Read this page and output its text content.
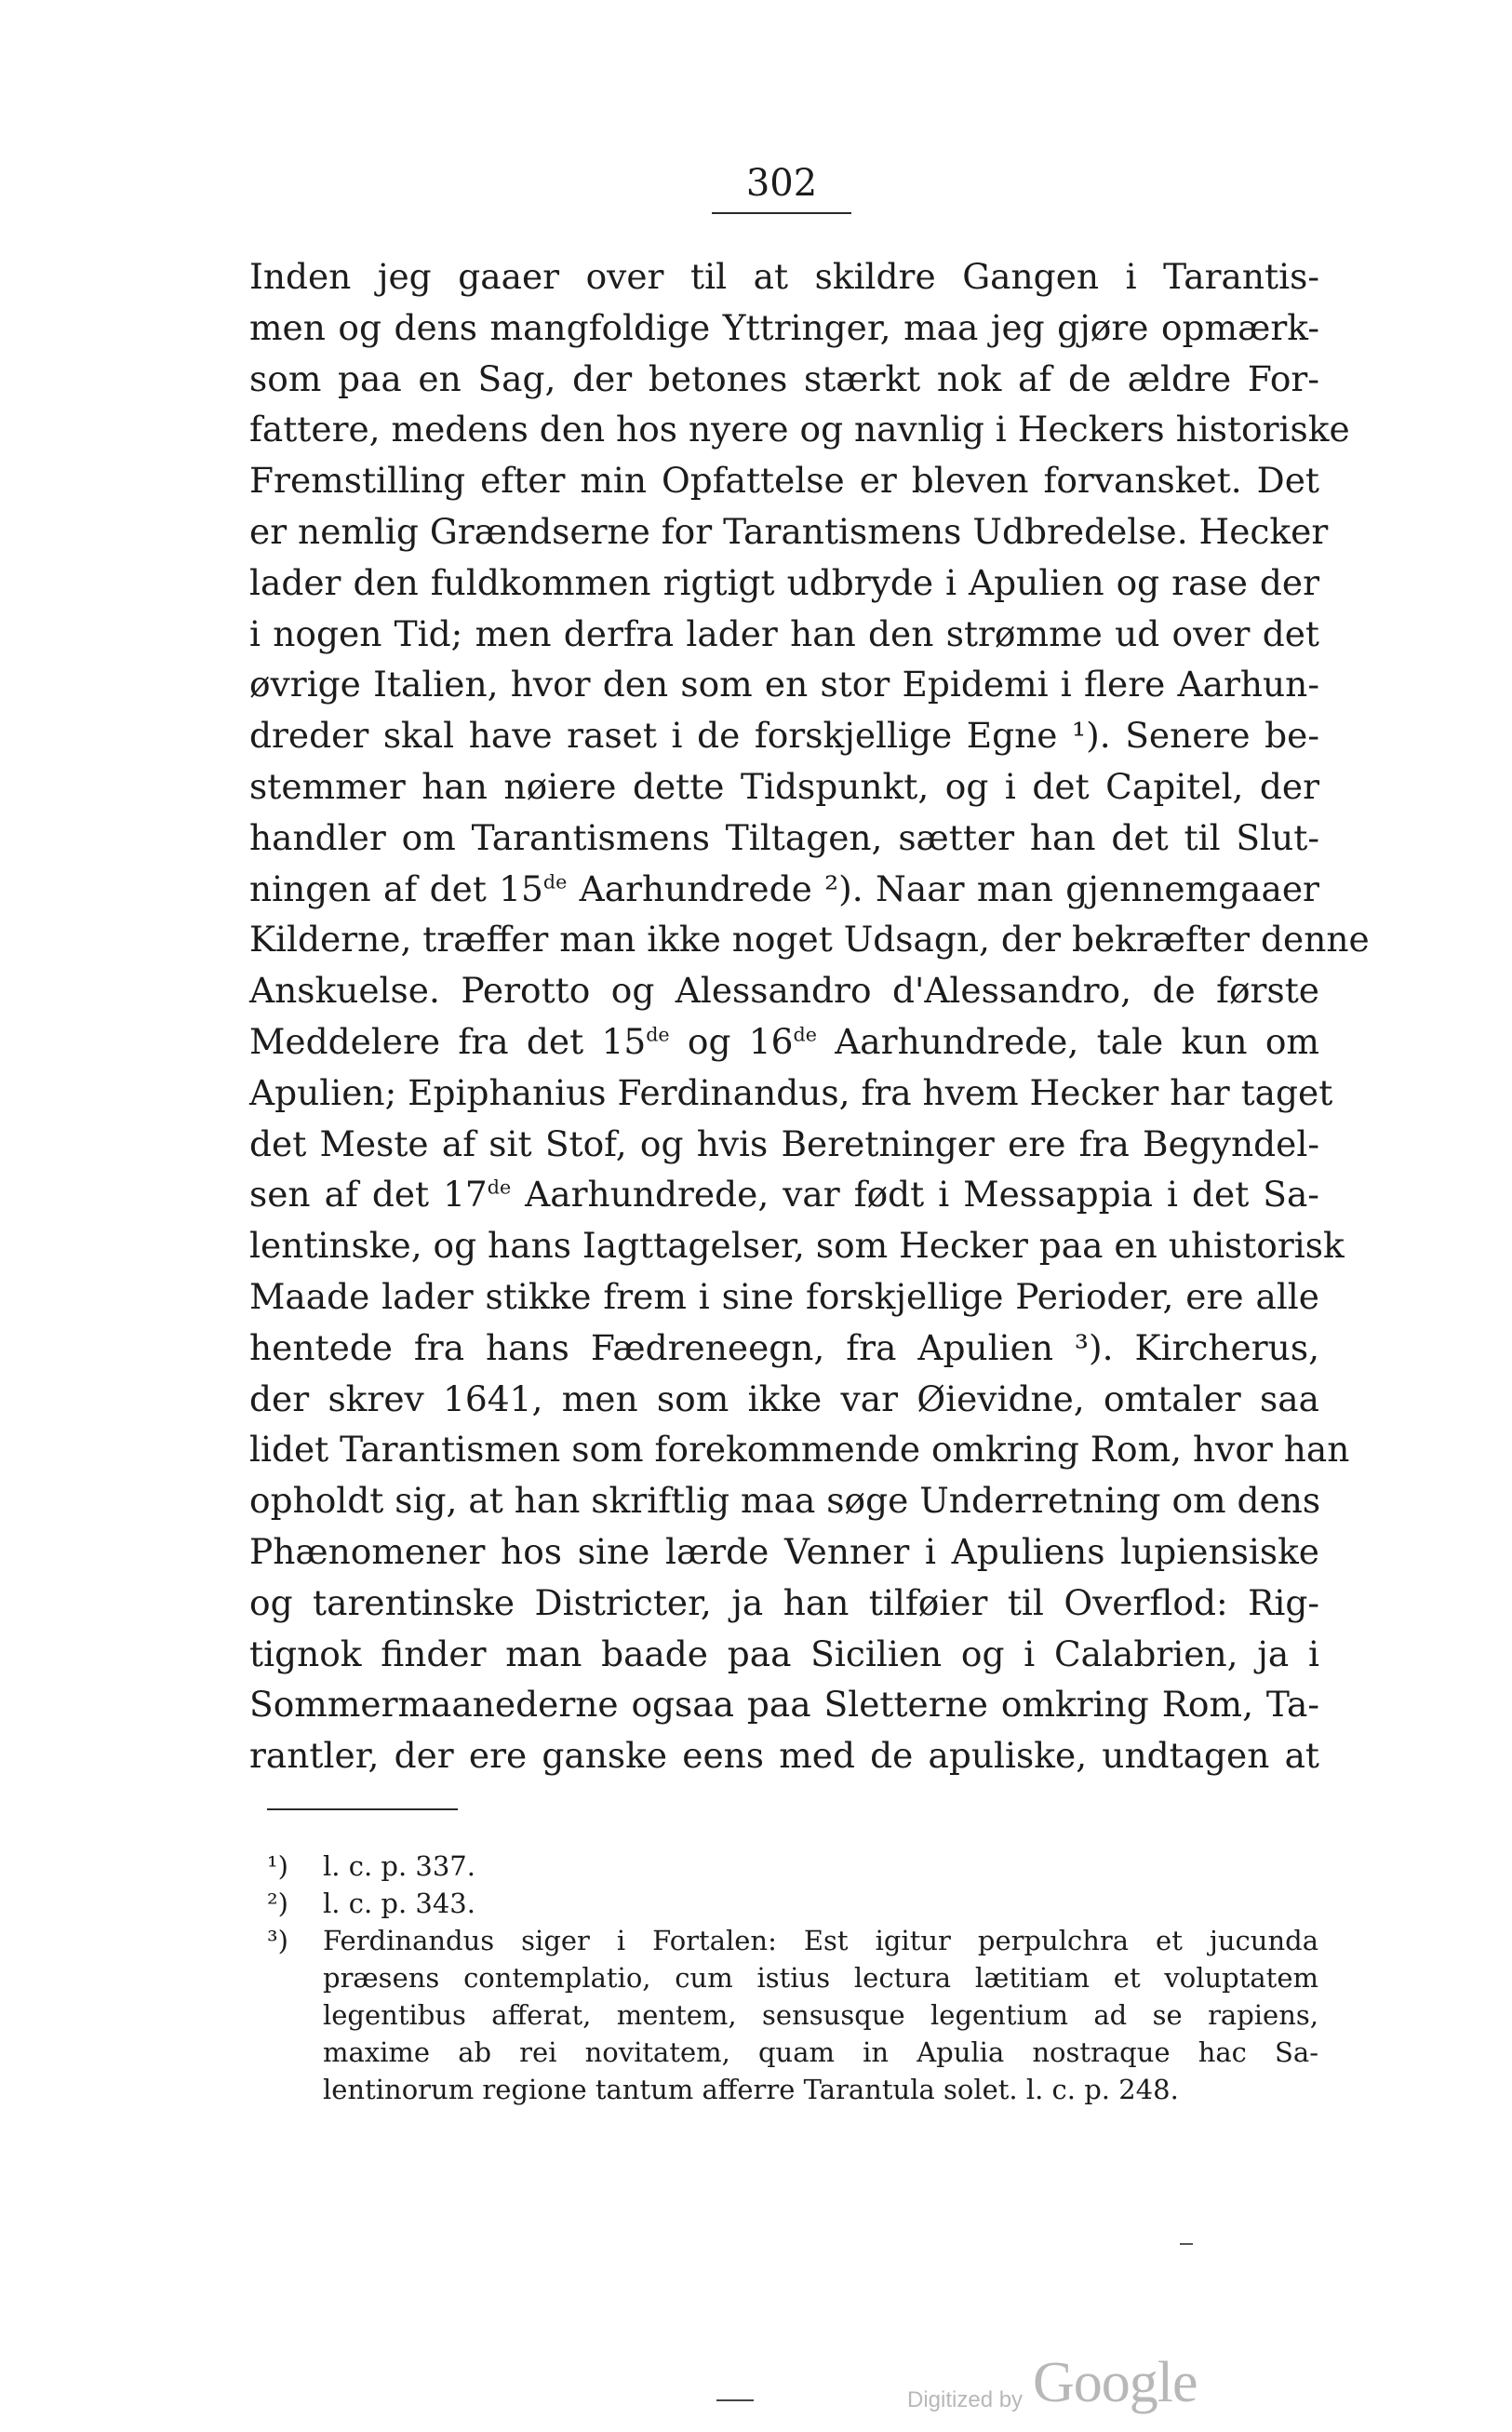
302
Inden jeg gaaer over til at skildre Gangen i Tarantis-
men og dens mangfoldige Yttringer, maa jeg gjøre opmærk-
som paa en Sag, der betones stærkt nok af de ældre For-
fattere, medens den hos nyere og navnlig i Heckers historiske
Fremstilling efter min Opfattelse er bleven forvansket. Det
er nemlig Grændserne for Tarantismens Udbredelse. Hecker
lader den fuldkommen rigtigt udbryde i Apulien og rase der
i nogen Tid; men derfra lader han den strømme ud over det
øvrige Italien, hvor den som en stor Epidemi i flere Aarhun-
dreder skal have raset i de forskjellige Egne ¹). Senere be-
stemmer han nøiere dette Tidspunkt, og i det Capitel, der
handler om Tarantismens Tiltagen, sætter han det til Slut-
ningen af det 15de Aarhundrede ²). Naar man gjennemgaaer
Kilderne, træffer man ikke noget Udsagn, der bekræfter denne
Anskuelse. Perotto og Alessandro d'Alessandro, de første
Meddelere fra det 15de og 16de Aarhundrede, tale kun om
Apulien; Epiphanius Ferdinandus, fra hvem Hecker har taget
det Meste af sit Stof, og hvis Beretninger ere fra Begyndel-
sen af det 17de Aarhundrede, var født i Messappia i det Sa-
lentinske, og hans Iagttagelser, som Hecker paa en uhistorisk
Maade lader stikke frem i sine forskjellige Perioder, ere alle
hentede fra hans Fædreneegn, fra Apulien ³). Kircherus,
der skrev 1641, men som ikke var Øievidne, omtaler saa
lidet Tarantismen som forekommende omkring Rom, hvor han
opholdt sig, at han skriftlig maa søge Underretning om dens
Phænomener hos sine lærde Venner i Apuliens lupiensiske
og tarentinske Districter, ja han tilføier til Overflod: Rig-
tignok finder man baade paa Sicilien og i Calabrien, ja i
Sommermaanederne ogsaa paa Sletterne omkring Rom, Ta-
rantler, der ere ganske eens med de apuliske, undtagen at
¹) l. c. p. 337.
²) l. c. p. 343.
³) Ferdinandus siger i Fortalen: Est igitur perpulchra et jucunda
præsens contemplatio, cum istius lectura lætitiam et voluptatem
legentibus afferat, mentem, sensusque legentium ad se rapiens,
maxime ab rei novitatem, quam in Apulia nostraque hac Sa-
lentinorum regione tantum afferre Tarantula solet. l. c. p. 248.
Digitized by Google
